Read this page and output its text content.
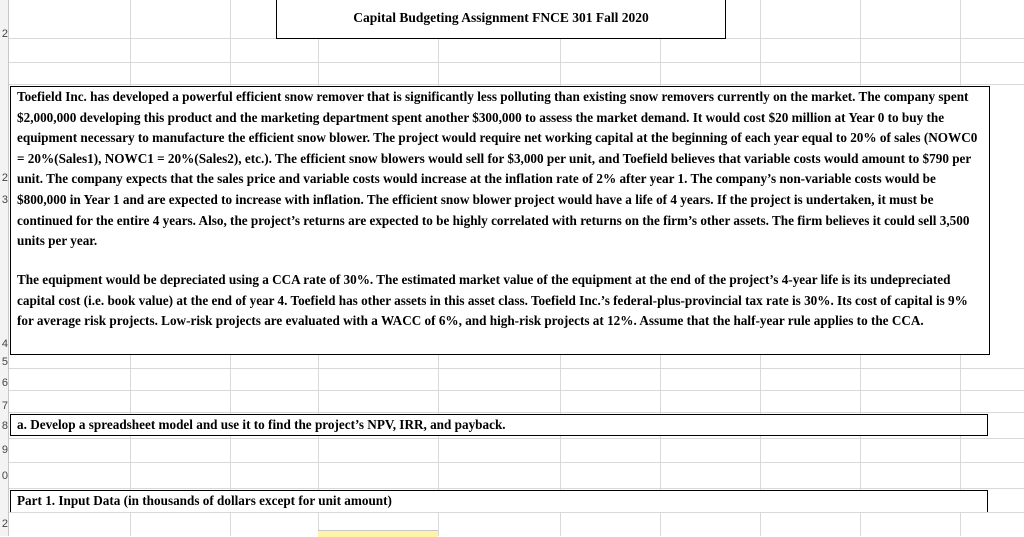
2
2
3
4
5
6
7
8
9
0
2
Capital Budgeting Assignment FNCE 301 Fall 2020
Toefield Inc. has developed a powerful efficient snow remover that is significantly less polluting than existing snow removers currently on the market. The company spent $2,000,000 developing this product and the marketing department spent another $300,000 to assess the market demand. It would cost $20 million at Year 0 to buy the equipment necessary to manufacture the efficient snow blower. The project would require net working capital at the beginning of each year equal to 20% of sales (NOWC0 = 20%(Sales1), NOWC1 = 20%(Sales2), etc.). The efficient snow blowers would sell for $3,000 per unit, and Toefield believes that variable costs would amount to $790 per unit. The company expects that the sales price and variable costs would increase at the inflation rate of 2% after year 1. The company’s non-variable costs would be $800,000 in Year 1 and are expected to increase with inflation. The efficient snow blower project would have a life of 4 years. If the project is undertaken, it must be continued for the entire 4 years. Also, the project’s returns are expected to be highly correlated with returns on the firm’s other assets. The firm believes it could sell 3,500 units per year.
The equipment would be depreciated using a CCA rate of 30%. The estimated market value of the equipment at the end of the project’s 4-year life is its undepreciated capital cost (i.e. book value) at the end of year 4. Toefield has other assets in this asset class. Toefield Inc.’s federal-plus-provincial tax rate is 30%. Its cost of capital is 9% for average risk projects. Low-risk projects are evaluated with a WACC of 6%, and high-risk projects at 12%. Assume that the half-year rule applies to the CCA.
a. Develop a spreadsheet model and use it to find the project’s NPV, IRR, and payback.
Part 1. Input Data (in thousands of dollars except for unit amount)
